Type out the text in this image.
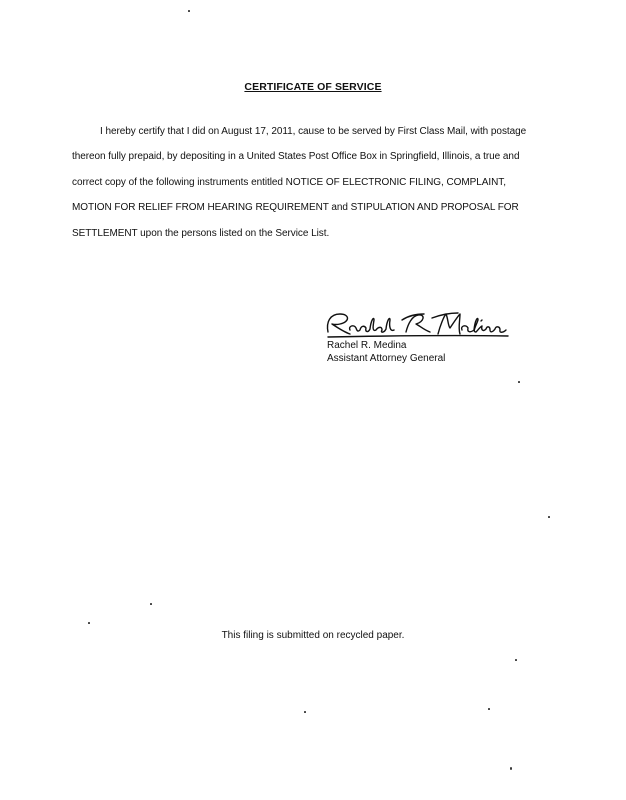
CERTIFICATE OF SERVICE

I hereby certify that I did on August 17, 2011, cause to be served by First Class Mail, with postage thereon fully prepaid, by depositing in a United States Post Office Box in Springfield, Illinois, a true and correct copy of the following instruments entitled NOTICE OF ELECTRONIC FILING, COMPLAINT, MOTION FOR RELIEF FROM HEARING REQUIREMENT and STIPULATION AND PROPOSAL FOR SETTLEMENT upon the persons listed on the Service List.

Rachel R. Medina
Assistant Attorney General
This filing is submitted on recycled paper.
